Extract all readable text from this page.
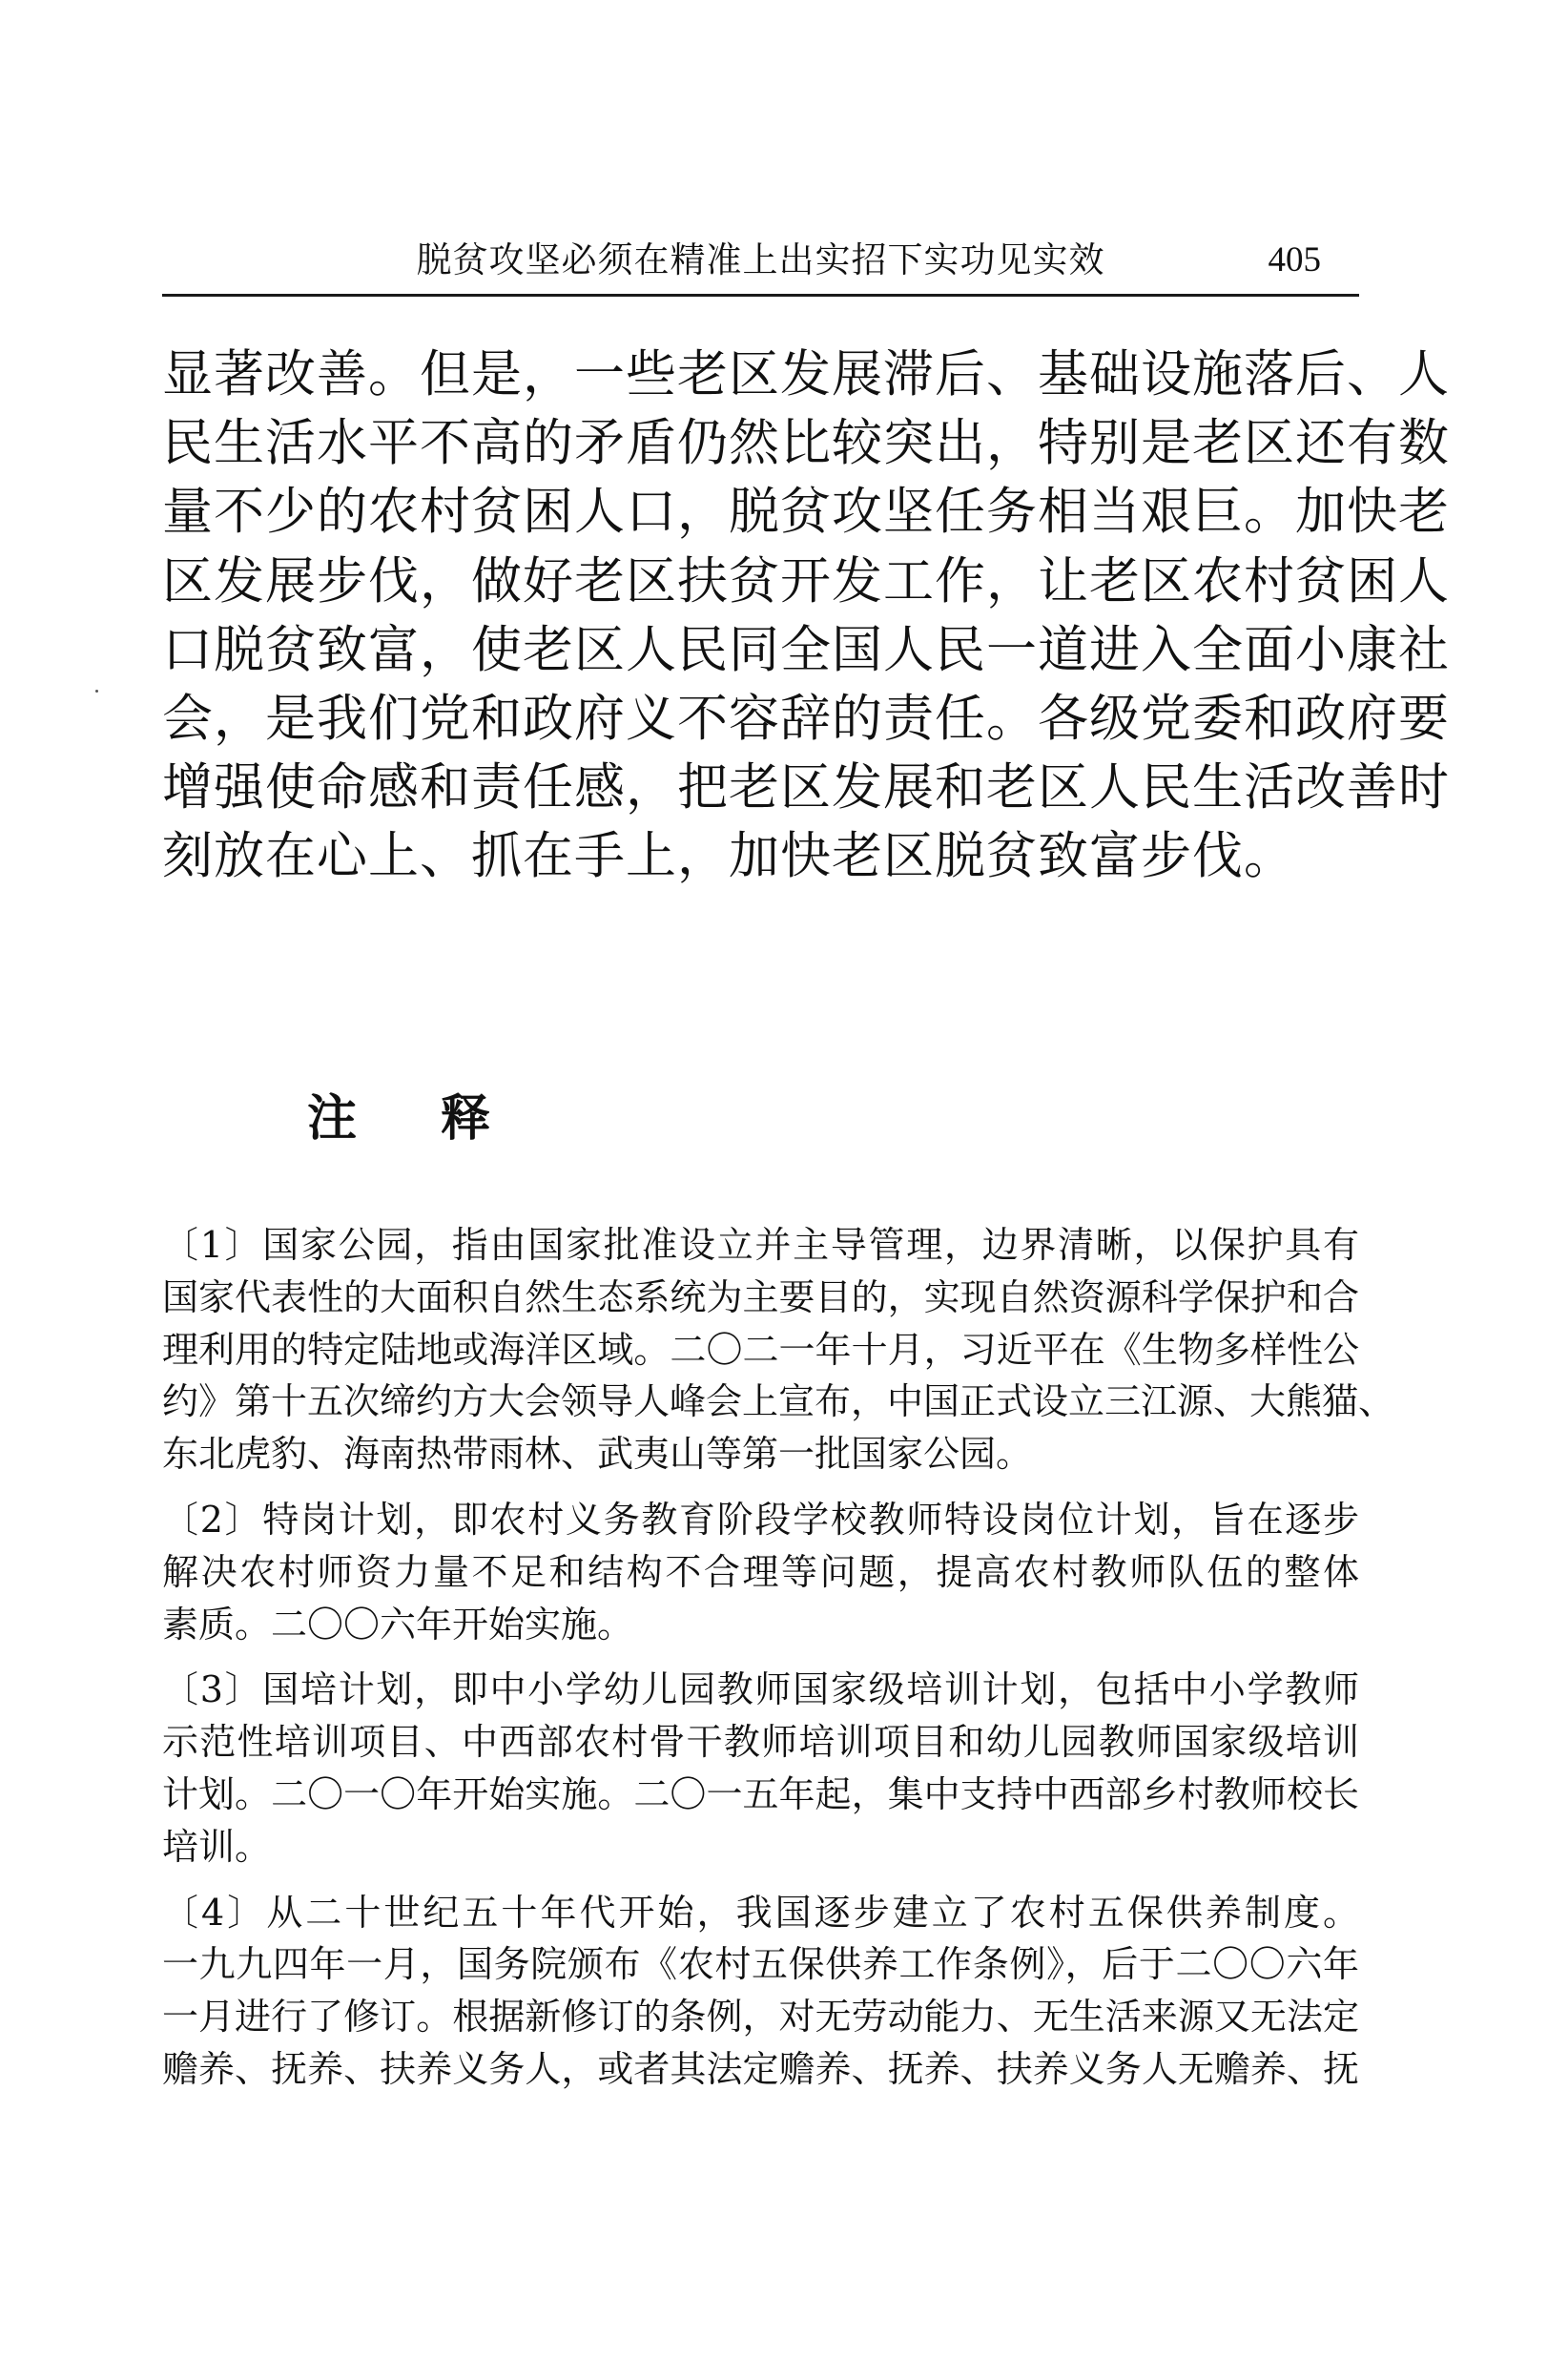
脱贫攻坚必须在精准上出实招下实功见实效	405

显著改善。但是，一些老区发展滞后、基础设施落后、人
民生活水平不高的矛盾仍然比较突出，特别是老区还有数
量不少的农村贫困人口，脱贫攻坚任务相当艰巨。加快老
区发展步伐，做好老区扶贫开发工作，让老区农村贫困人
口脱贫致富，使老区人民同全国人民一道进入全面小康社
会，是我们党和政府义不容辞的责任。各级党委和政府要
增强使命感和责任感，把老区发展和老区人民生活改善时
刻放在心上、抓在手上，加快老区脱贫致富步伐。

注释

〔1〕国家公园，指由国家批准设立并主导管理，边界清晰，以保护具有
国家代表性的大面积自然生态系统为主要目的，实现自然资源科学保护和合
理利用的特定陆地或海洋区域。二〇二一年十月，习近平在《生物多样性公
约》第十五次缔约方大会领导人峰会上宣布，中国正式设立三江源、大熊猫、
东北虎豹、海南热带雨林、武夷山等第一批国家公园。

〔2〕特岗计划，即农村义务教育阶段学校教师特设岗位计划，旨在逐步
解决农村师资力量不足和结构不合理等问题，提高农村教师队伍的整体
素质。二〇〇六年开始实施。

〔3〕国培计划，即中小学幼儿园教师国家级培训计划，包括中小学教师
示范性培训项目、中西部农村骨干教师培训项目和幼儿园教师国家级培训
计划。二〇一〇年开始实施。二〇一五年起，集中支持中西部乡村教师校长
培训。

〔4〕从二十世纪五十年代开始，我国逐步建立了农村五保供养制度。
一九九四年一月，国务院颁布《农村五保供养工作条例》，后于二〇〇六年
一月进行了修订。根据新修订的条例，对无劳动能力、无生活来源又无法定
赡养、抚养、扶养义务人，或者其法定赡养、抚养、扶养义务人无赡养、抚
